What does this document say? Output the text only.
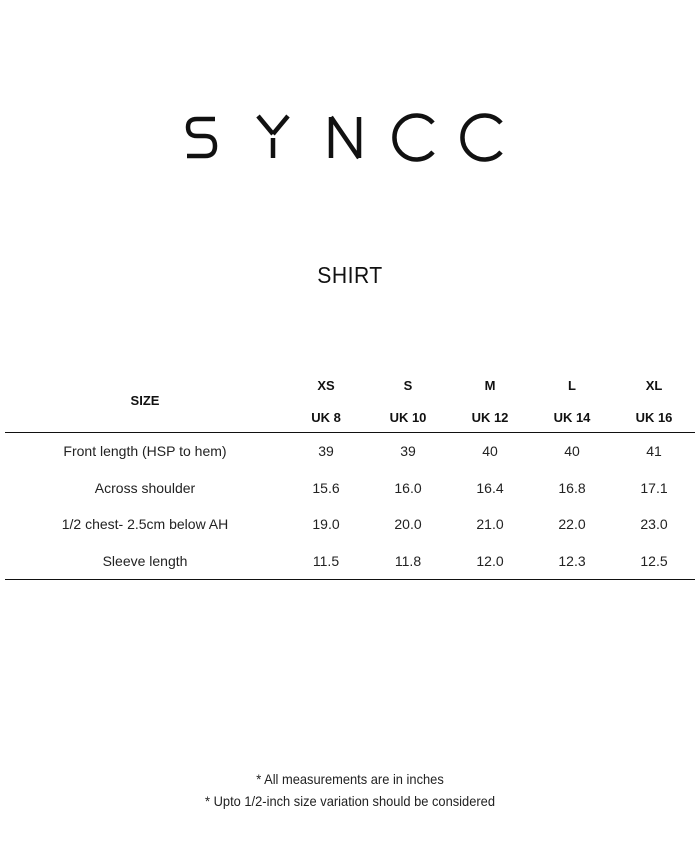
SHIRT
SIZE	XS	S	M	L	XL
	UK 8	UK 10	UK 12	UK 14	UK 16
Front length (HSP to hem)	39	39	40	40	41
Across shoulder	15.6	16.0	16.4	16.8	17.1
1/2 chest- 2.5cm below AH	19.0	20.0	21.0	22.0	23.0
Sleeve length	11.5	11.8	12.0	12.3	12.5
* All measurements are in inches
* Upto 1/2-inch size variation should be considered
